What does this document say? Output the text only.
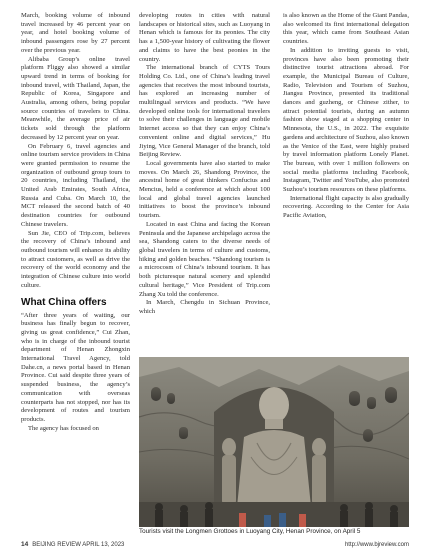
March, booking volume of inbound travel increased by 46 percent year on year, and hotel booking volume of inbound passengers rose by 27 percent over the previous year.

Alibaba Group’s online travel platform Fliggy also showed a similar upward trend in terms of booking for inbound travel, with Thailand, Japan, the Republic of Korea, Singapore and Australia, among others, being popular source countries of travelers to China. Meanwhile, the average price of air tickets sold through the platform decreased by 12 percent year on year.

On February 6, travel agencies and online tourism service providers in China were granted permission to resume the organization of outbound group tours to 20 countries, including Thailand, the United Arab Emirates, South Africa, Russia and Cuba. On March 10, the MCT released the second batch of 40 destination countries for outbound Chinese travelers.

Sun Jie, CEO of Trip.com, believes the recovery of China’s inbound and outbound tourism will enhance its ability to attract customers, as well as drive the recovery of the world economy and the integration of Chinese culture into world culture.

What China offers

“After three years of waiting, our business has finally begun to recover, giving us great confidence,” Cui Zhan, who is in charge of the inbound tourist department of Henan Zhongxin International Travel Agency, told Dahe.cn, a news portal based in Henan Province. Cui said despite three years of suspended business, the agency’s communication with overseas counterparts has not stopped, nor has its development of routes and tourism products.

The agency has focused on

developing routes in cities with natural landscapes or historical sites, such as Luoyang in Henan which is famous for its peonies. The city has a 1,500-year history of cultivating the flower and claims to have the best peonies in the country.

The international branch of CYTS Tours Holding Co. Ltd., one of China’s leading travel agencies that receives the most inbound tourists, has explored an increasing number of multilingual services and products. “We have developed online tools for international travelers to solve their challenges in language and mobile Internet access so that they can enjoy China’s convenient online and digital services,” Hu Jiying, Vice General Manager of the branch, told Beijing Review.

Local governments have also started to make moves. On March 26, Shandong Province, the ancestral home of great thinkers Confucius and Mencius, held a conference at which about 100 local and global travel agencies launched initiatives to boost the province’s inbound tourism.

Located in east China and facing the Korean Peninsula and the Japanese archipelago across the sea, Shandong caters to the diverse needs of global travelers in terms of culture and customs, hiking and golden beaches. “Shandong tourism is a microcosm of China’s inbound tourism. It has both picturesque natural scenery and splendid cultural heritage,” Vice President of Trip.com Zhang Xu told the conference.

In March, Chengdu in Sichuan Province, which

is also known as the Home of the Giant Pandas, also welcomed its first international delegation this year, which came from Southeast Asian countries.

In addition to inviting guests to visit, provinces have also been promoting their distinctive tourist attractions abroad. For example, the Municipal Bureau of Culture, Radio, Television and Tourism of Suzhou, Jiangsu Province, presented its traditional dances and guzheng, or Chinese zither, to attract potential tourists, during an autumn fashion show staged at a shopping center in Minnesota, the U.S., in 2022. The exquisite gardens and architecture of Suzhou, also known as the Venice of the East, were highly praised by travel information platform Lonely Planet. The bureau, with over 1 million followers on social media platforms including Facebook, Instagram, Twitter and YouTube, also promoted Suzhou’s tourism resources on these platforms.

International flight capacity is also gradually recovering. According to the Center for Asia Pacific Aviation,

Tourists visit the Longmen Grottoes in Luoyang City, Henan Province, on April 5
14 BEIJING REVIEW APRIL 13, 2023	http://www.bjreview.com
